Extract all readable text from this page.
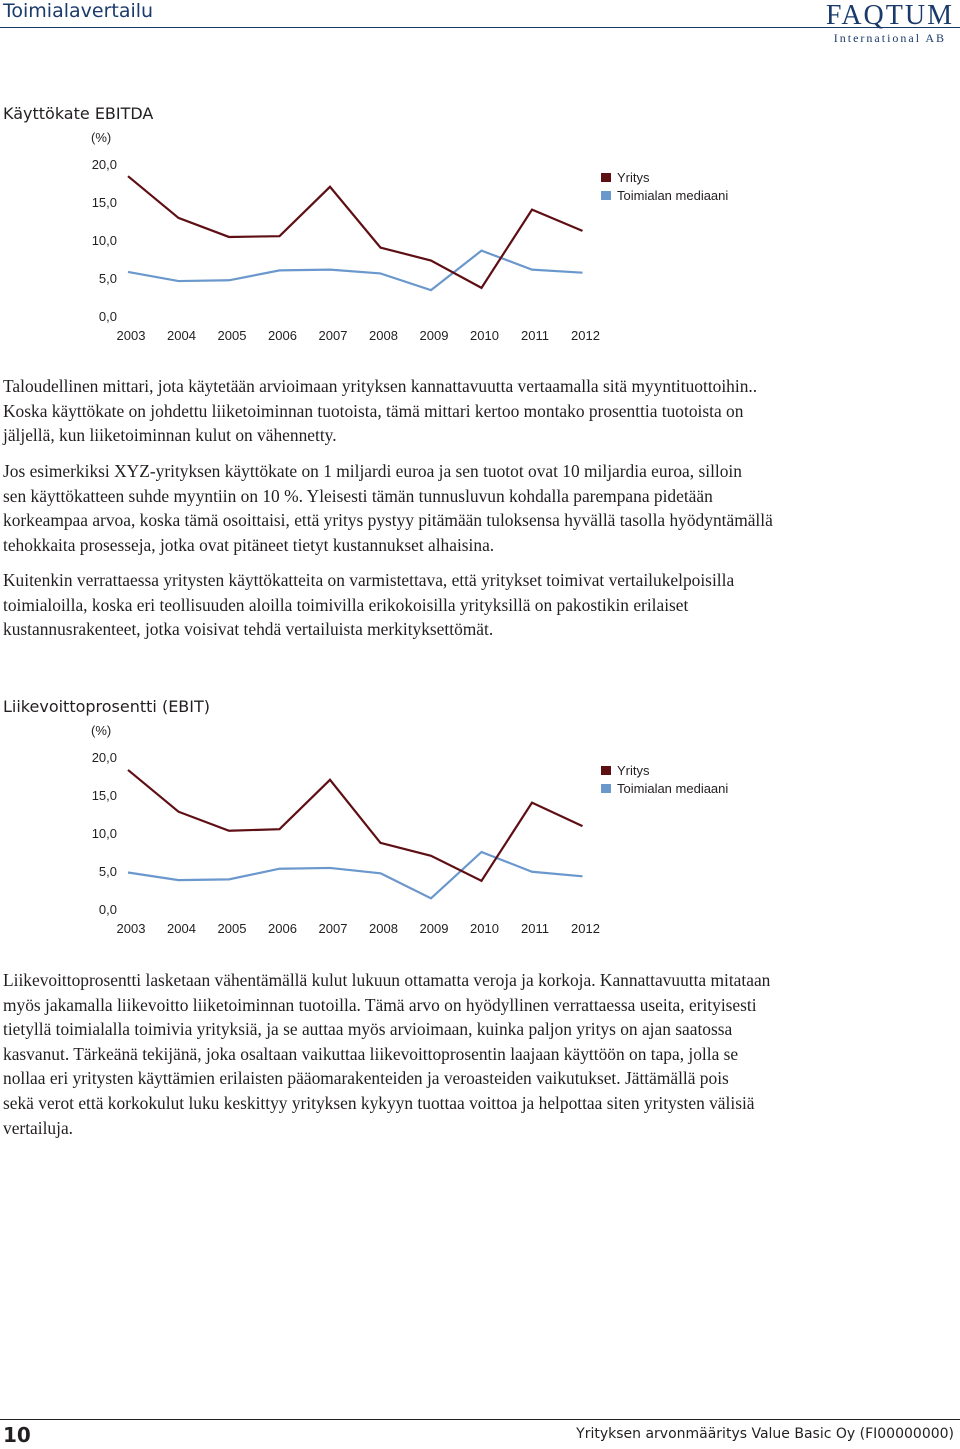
Toimialavertailu	FAQTUM
International AB
Käyttökate EBITDA
(%)
20,0
15,0
10,0
5,0
0,0
2003 2004 2005 2006 2007 2008 2009 2010 2011 2012
Yritys
Toimialan mediaani
Taloudellinen mittari, jota käytetään arvioimaan yrityksen kannattavuutta vertaamalla sitä myyntituottoihin..
Koska käyttökate on johdettu liiketoiminnan tuotoista, tämä mittari kertoo montako prosenttia tuotoista on
jäljellä, kun liiketoiminnan kulut on vähennetty.
Jos esimerkiksi XYZ-yrityksen käyttökate on 1 miljardi euroa ja sen tuotot ovat 10 miljardia euroa, silloin
sen käyttökatteen suhde myyntiin on 10 %. Yleisesti tämän tunnusluvun kohdalla parempana pidetään
korkeampaa arvoa, koska tämä osoittaisi, että yritys pystyy pitämään tuloksensa hyvällä tasolla hyödyntämällä
tehokkaita prosesseja, jotka ovat pitäneet tietyt kustannukset alhaisina.
Kuitenkin verrattaessa yritysten käyttökatteita on varmistettava, että yritykset toimivat vertailukelpoisilla
toimialoilla, koska eri teollisuuden aloilla toimivilla erikokoisilla yrityksillä on pakostikin erilaiset
kustannusrakenteet, jotka voisivat tehdä vertailuista merkityksettömät.
Liikevoittoprosentti (EBIT)
(%)
20,0
15,0
10,0
5,0
0,0
2003 2004 2005 2006 2007 2008 2009 2010 2011 2012
Yritys
Toimialan mediaani
Liikevoittoprosentti lasketaan vähentämällä kulut lukuun ottamatta veroja ja korkoja. Kannattavuutta mitataan
myös jakamalla liikevoitto liiketoiminnan tuotoilla. Tämä arvo on hyödyllinen verrattaessa useita, erityisesti
tietyllä toimialalla toimivia yrityksiä, ja se auttaa myös arvioimaan, kuinka paljon yritys on ajan saatossa
kasvanut. Tärkeänä tekijänä, joka osaltaan vaikuttaa liikevoittoprosentin laajaan käyttöön on tapa, jolla se
nollaa eri yritysten käyttämien erilaisten pääomarakenteiden ja veroasteiden vaikutukset. Jättämällä pois
sekä verot että korkokulut luku keskittyy yrityksen kykyyn tuottaa voittoa ja helpottaa siten yritysten välisiä
vertailuja.
10	Yrityksen arvonmääritys Value Basic Oy (FI00000000)
